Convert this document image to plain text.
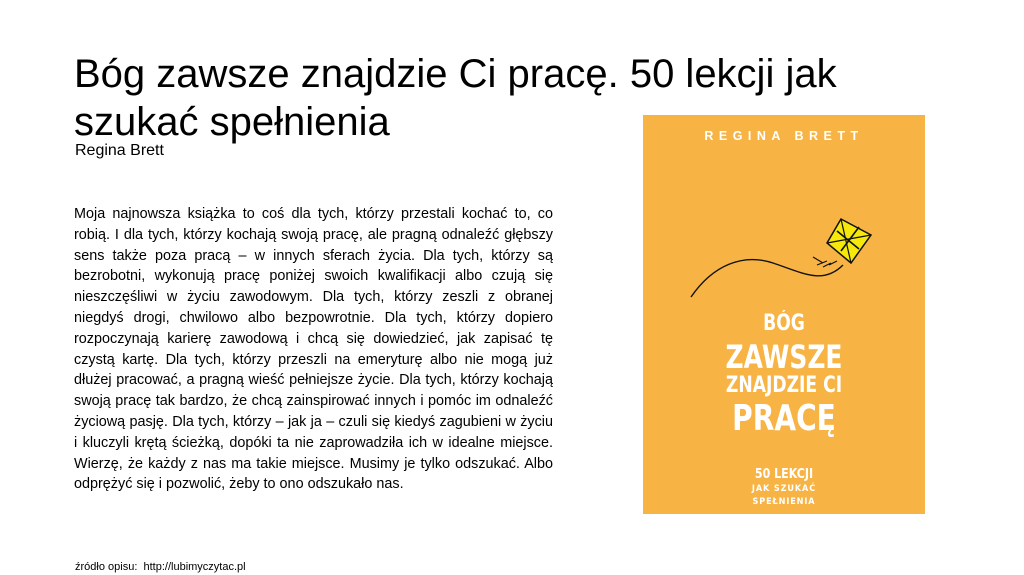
Bóg zawsze znajdzie Ci pracę. 50 lekcji jak szukać spełnienia
Regina Brett

Moja najnowsza książka to coś dla tych, którzy przestali kochać to, co robią. I dla tych, którzy kochają swoją pracę, ale pragną odnaleźć głębszy sens także poza pracą – w innych sferach życia. Dla tych, którzy są bezrobotni, wykonują pracę poniżej swoich kwalifikacji albo czują się nieszczęśliwi w życiu zawodowym. Dla tych, którzy zeszli z obranej niegdyś drogi, chwilowo albo bezpowrotnie. Dla tych, którzy dopiero rozpoczynają karierę zawodową i chcą się dowiedzieć, jak zapisać tę czystą kartę. Dla tych, którzy przeszli na emeryturę albo nie mogą już dłużej pracować, a pragną wieść pełniejsze życie. Dla tych, którzy kochają swoją pracę tak bardzo, że chcą zainspirować innych i pomóc im odnaleźć życiową pasję. Dla tych, którzy – jak ja – czuli się kiedyś zagubieni w życiu i kluczyli krętą ścieżką, dopóki ta nie zaprowadziła ich w idealne miejsce. Wierzę, że każdy z nas ma takie miejsce. Musimy je tylko odszukać. Albo odprężyć się i pozwolić, żeby to ono odszukało nas.

źródło opisu: http://lubimyczytac.pl
REGINA BRETT
BÓG
ZAWSZE
ZNAJDZIE CI
PRACĘ
50 LEKCJI
JAK SZUKAĆ
SPEŁNIENIA
